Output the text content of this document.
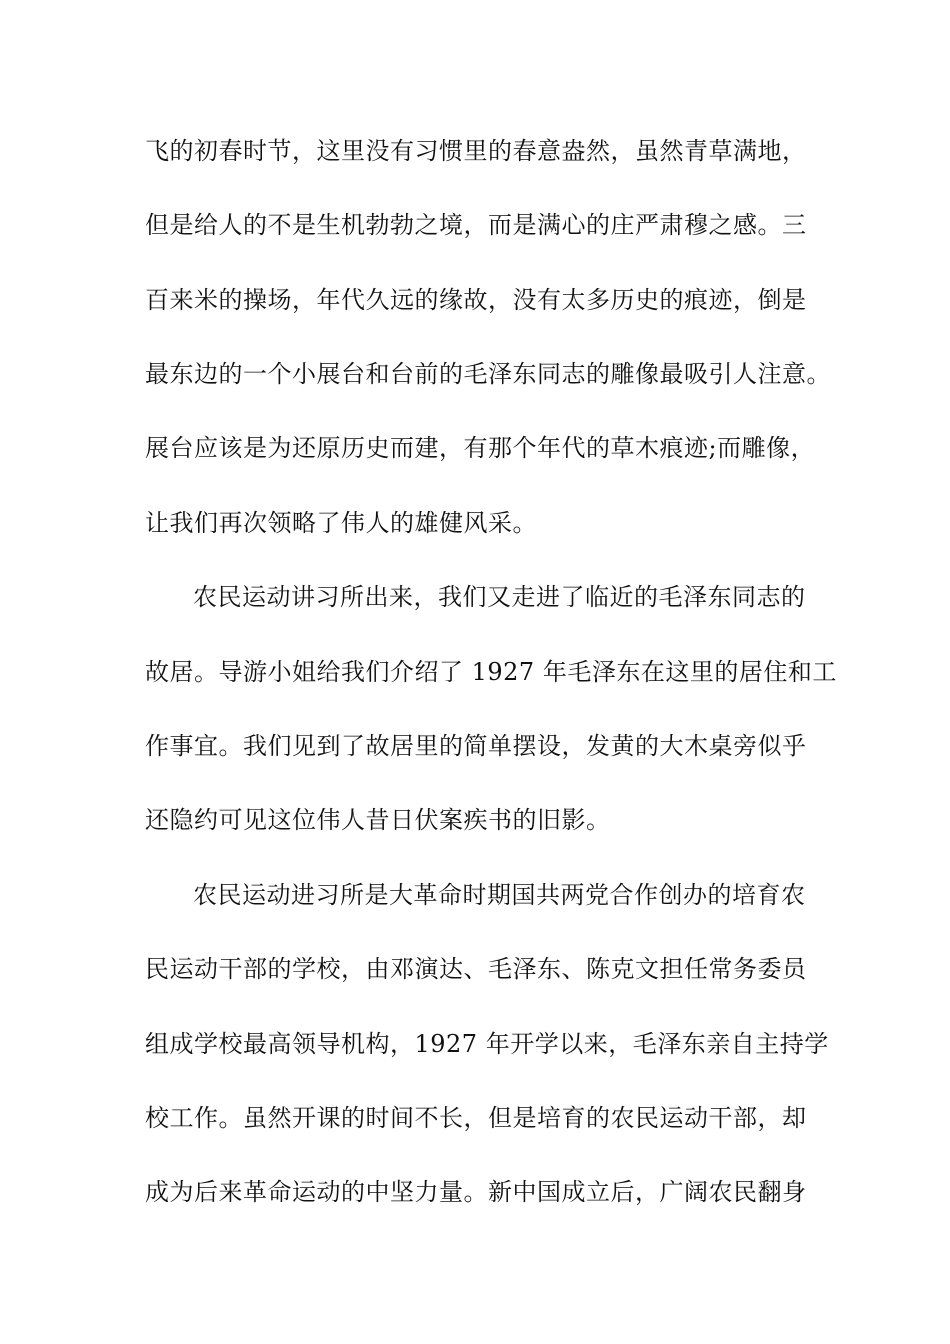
飞的初春时节，这里没有习惯里的春意盎然，虽然青草满地，
但是给人的不是生机勃勃之境，而是满心的庄严肃穆之感。三
百来米的操场，年代久远的缘故，没有太多历史的痕迹，倒是
最东边的一个小展台和台前的毛泽东同志的雕像最吸引人注意。
展台应该是为还原历史而建，有那个年代的草木痕迹;而雕像，
让我们再次领略了伟人的雄健风采。
农民运动讲习所出来，我们又走进了临近的毛泽东同志的
故居。导游小姐给我们介绍了 1927 年毛泽东在这里的居住和工
作事宜。我们见到了故居里的简单摆设，发黄的大木桌旁似乎
还隐约可见这位伟人昔日伏案疾书的旧影。
农民运动进习所是大革命时期国共两党合作创办的培育农
民运动干部的学校，由邓演达、毛泽东、陈克文担任常务委员
组成学校最高领导机构，1927 年开学以来，毛泽东亲自主持学
校工作。虽然开课的时间不长，但是培育的农民运动干部，却
成为后来革命运动的中坚力量。新中国成立后，广阔农民翻身
